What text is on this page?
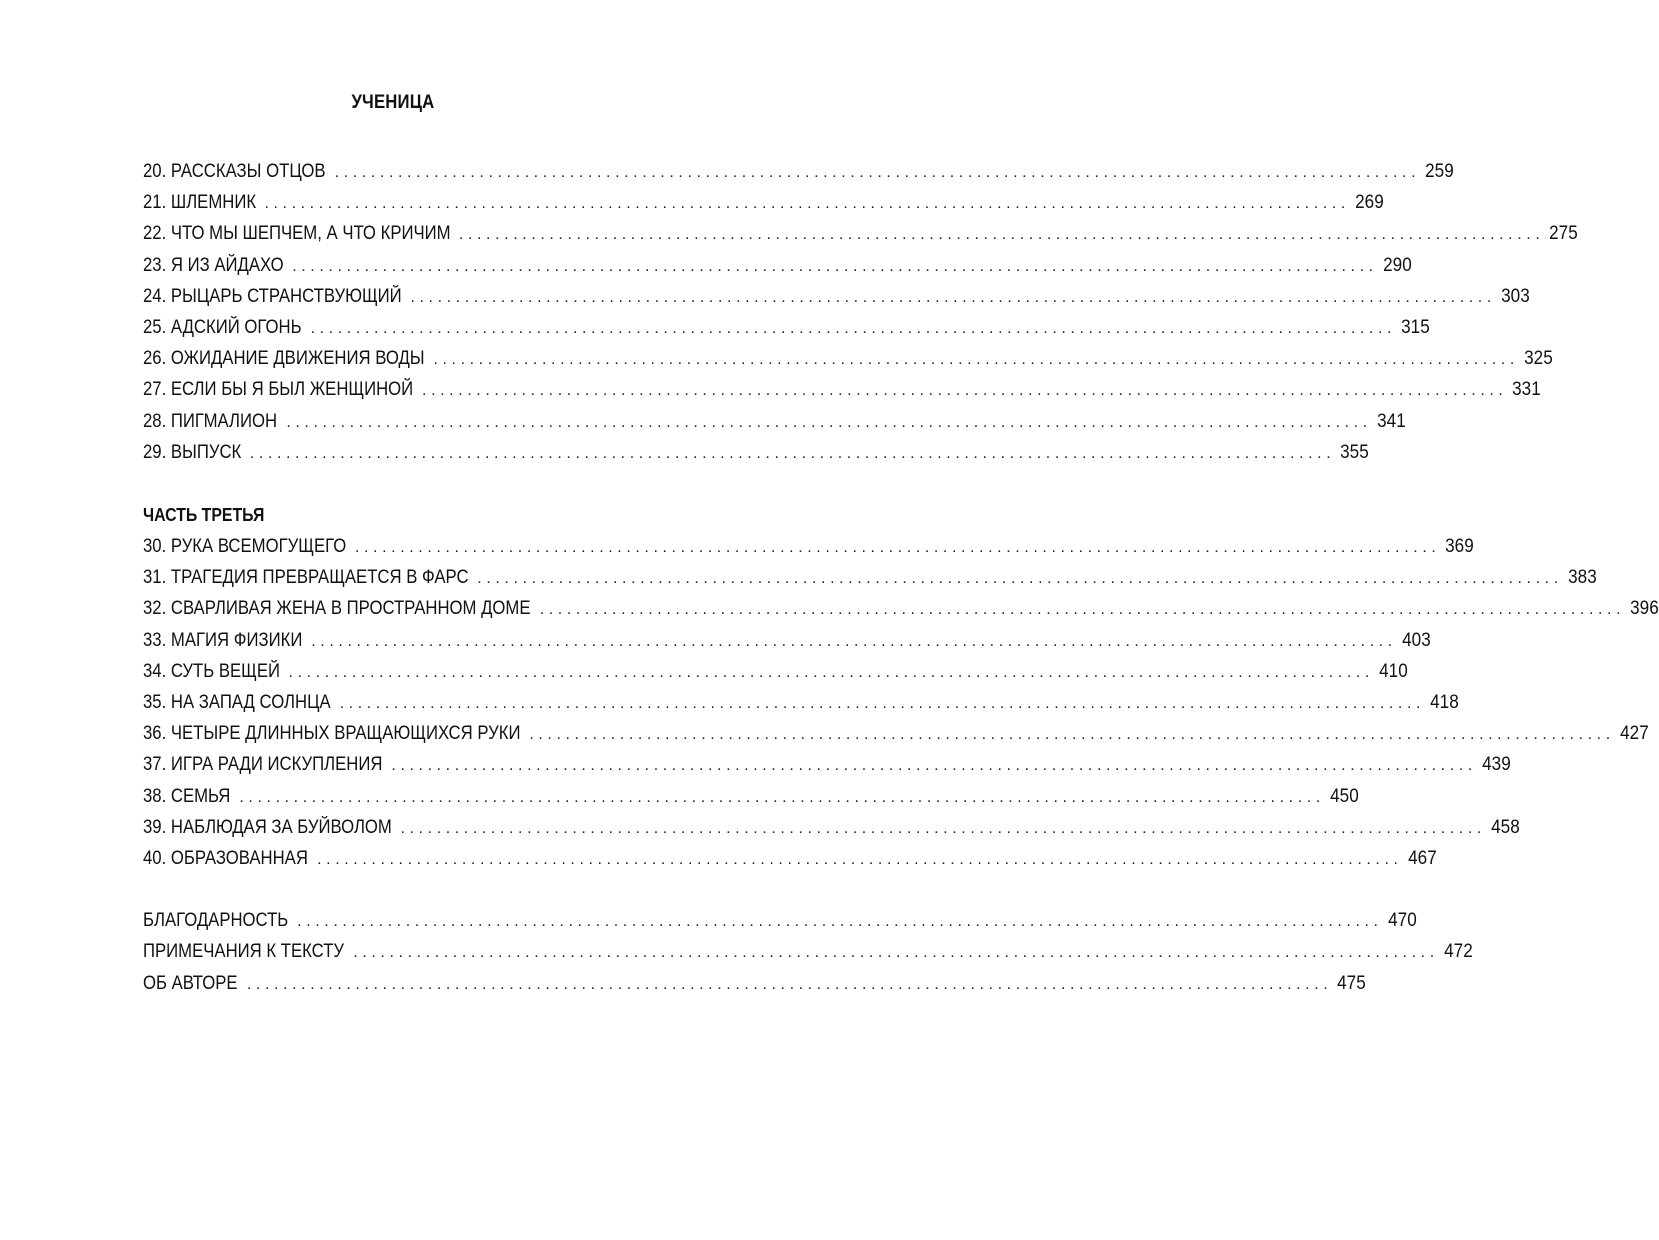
УЧЕНИЦА
20. РАССКАЗЫ ОТЦОВ ........................................................................................................................ 259
21. ШЛЕМНИК ........................................................................................................................ 269
22. ЧТО МЫ ШЕПЧЕМ, А ЧТО КРИЧИМ ........................................................................................................................ 275
23. Я ИЗ АЙДАХО ........................................................................................................................ 290
24. РЫЦАРЬ СТРАНСТВУЮЩИЙ ........................................................................................................................ 303
25. АДСКИЙ ОГОНЬ ........................................................................................................................ 315
26. ОЖИДАНИЕ ДВИЖЕНИЯ ВОДЫ ........................................................................................................................ 325
27. ЕСЛИ БЫ Я БЫЛ ЖЕНЩИНОЙ ........................................................................................................................ 331
28. ПИГМАЛИОН ........................................................................................................................ 341
29. ВЫПУСК ........................................................................................................................ 355
ЧАСТЬ ТРЕТЬЯ
30. РУКА ВСЕМОГУЩЕГО ........................................................................................................................ 369
31. ТРАГЕДИЯ ПРЕВРАЩАЕТСЯ В ФАРС ........................................................................................................................ 383
32. СВАРЛИВАЯ ЖЕНА В ПРОСТРАННОМ ДОМЕ ........................................................................................................................ 396
33. МАГИЯ ФИЗИКИ ........................................................................................................................ 403
34. СУТЬ ВЕЩЕЙ ........................................................................................................................ 410
35. НА ЗАПАД СОЛНЦА ........................................................................................................................ 418
36. ЧЕТЫРЕ ДЛИННЫХ ВРАЩАЮЩИХСЯ РУКИ ........................................................................................................................ 427
37. ИГРА РАДИ ИСКУПЛЕНИЯ ........................................................................................................................ 439
38. СЕМЬЯ ........................................................................................................................ 450
39. НАБЛЮДАЯ ЗА БУЙВОЛОМ ........................................................................................................................ 458
40. ОБРАЗОВАННАЯ ........................................................................................................................ 467
БЛАГОДАРНОСТЬ ........................................................................................................................ 470
ПРИМЕЧАНИЯ К ТЕКСТУ ........................................................................................................................ 472
ОБ АВТОРЕ ........................................................................................................................ 475
